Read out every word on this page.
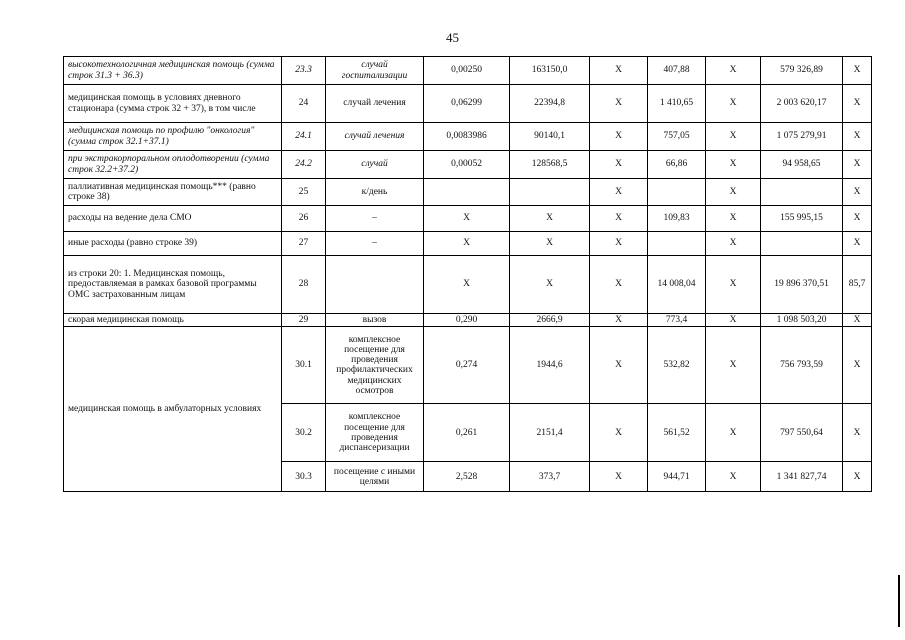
45
высокотехнологичная медицинская помощь (сумма строк 31.3 + 36.3)	23.3	случай госпитализации	0,00250	163150,0	Х	407,88	Х	579 326,89	Х
медицинская помощь в условиях дневного стационара (сумма строк 32 + 37), в том числе	24	случай лечения	0,06299	22394,8	Х	1 410,65	Х	2 003 620,17	Х
медицинская помощь по профилю "онкология" (сумма строк 32.1+37.1)	24.1	случай лечения	0,0083986	90140,1	Х	757,05	Х	1 075 279,91	Х
при экстракорпоральном оплодотворении (сумма строк 32.2+37.2)	24.2	случай	0,00052	128568,5	Х	66,86	Х	94 958,65	Х
паллиативная медицинская помощь*** (равно строке 38)	25	к/день			Х		Х		Х
расходы на ведение дела СМО	26	–	Х	Х	Х	109,83	Х	155 995,15	Х
иные расходы (равно строке 39)	27	–	Х	Х	Х		Х		Х
из строки 20: 1. Медицинская помощь, предоставляемая в рамках базовой программы ОМС застрахованным лицам	28		Х	Х	Х	14 008,04	Х	19 896 370,51	85,7
скорая медицинская помощь	29	вызов	0,290	2666,9	Х	773,4	Х	1 098 503,20	Х
медицинская помощь в амбулаторных условиях	30.1	комплексное посещение для проведения профилактических медицинских осмотров	0,274	1944,6	Х	532,82	Х	756 793,59	Х
	30.2	комплексное посещение для проведения диспансеризации	0,261	2151,4	Х	561,52	Х	797 550,64	Х
	30.3	посещение с иными целями	2,528	373,7	Х	944,71	Х	1 341 827,74	Х
